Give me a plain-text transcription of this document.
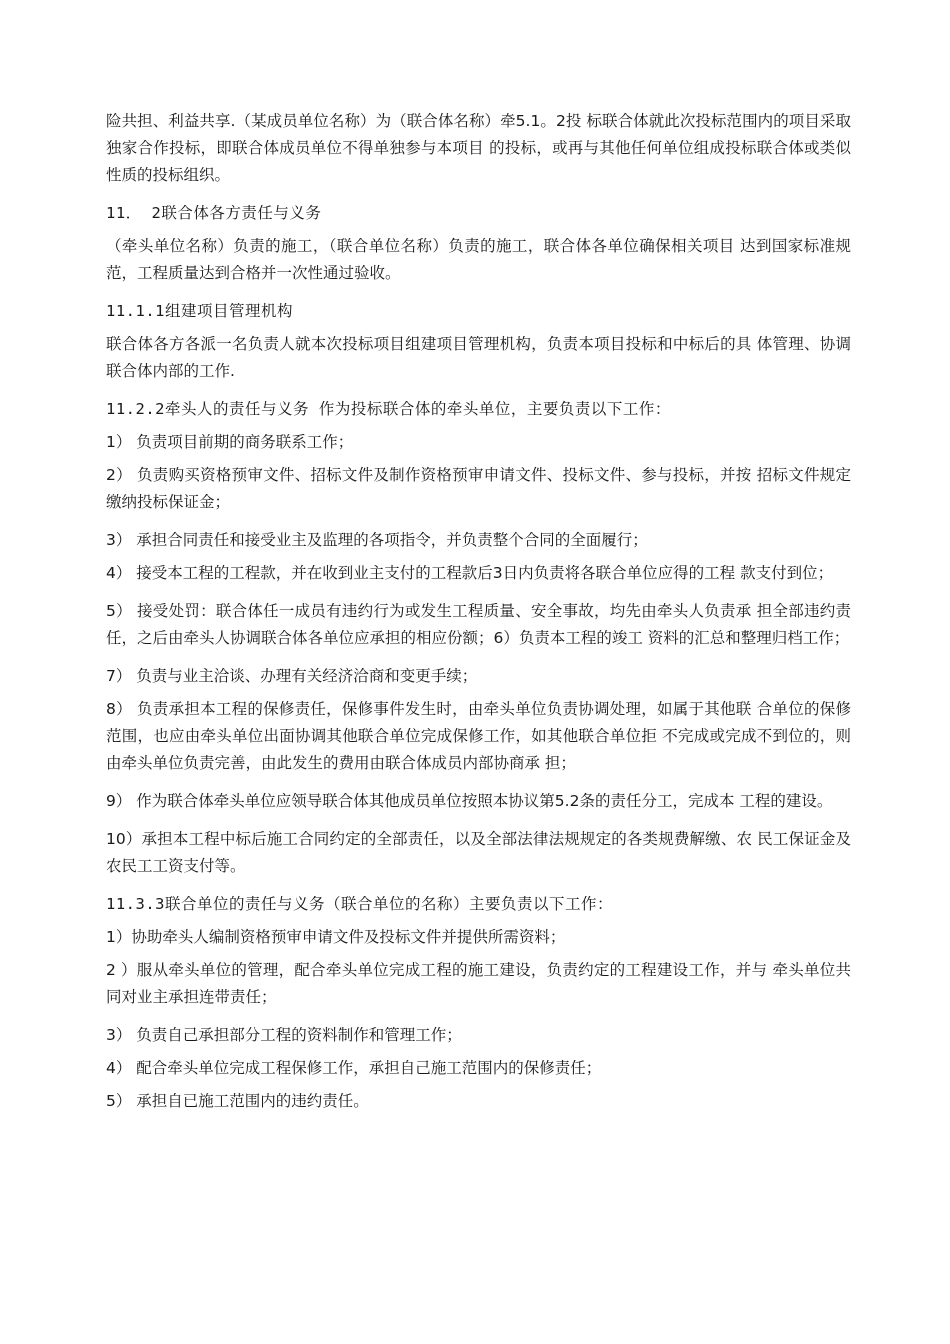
险共担、利益共享.（某成员单位名称）为（联合体名称）牵5.1。2投 标联合体就此次投标范围内的项目采取独家合作投标，即联合体成员单位不得单独参与本项目 的投标，或再与其他任何单位组成投标联合体或类似性质的投标组织。

11． 2联合体各方责任与义务

（牵头单位名称）负责的施工，（联合单位名称）负责的施工，联合体各单位确保相关项目 达到国家标准规范，工程质量达到合格并一次性通过验收。

11.1.1组建项目管理机构

联合体各方各派一名负责人就本次投标项目组建项目管理机构，负责本项目投标和中标后的具 体管理、协调联合体内部的工作.

11.2.2牵头人的责任与义务 作为投标联合体的牵头单位，主要负责以下工作：

1） 负责项目前期的商务联系工作；

2） 负责购买资格预审文件、招标文件及制作资格预审申请文件、投标文件、参与投标，并按 招标文件规定缴纳投标保证金；

3） 承担合同责任和接受业主及监理的各项指令，并负责整个合同的全面履行；

4） 接受本工程的工程款，并在收到业主支付的工程款后3日内负责将各联合单位应得的工程 款支付到位；

5） 接受处罚：联合体任一成员有违约行为或发生工程质量、安全事故，均先由牵头人负责承 担全部违约责任，之后由牵头人协调联合体各单位应承担的相应份额；6）负责本工程的竣工 资料的汇总和整理归档工作；

7） 负责与业主洽谈、办理有关经济洽商和变更手续；

8） 负责承担本工程的保修责任，保修事件发生时，由牵头单位负责协调处理，如属于其他联 合单位的保修范围，也应由牵头单位出面协调其他联合单位完成保修工作，如其他联合单位拒 不完成或完成不到位的，则由牵头单位负责完善，由此发生的费用由联合体成员内部协商承 担；

9） 作为联合体牵头单位应领导联合体其他成员单位按照本协议第5.2条的责任分工，完成本 工程的建设。

10）承担本工程中标后施工合同约定的全部责任，以及全部法律法规规定的各类规费解缴、农 民工保证金及农民工工资支付等。

11.3.3联合单位的责任与义务（联合单位的名称）主要负责以下工作：

1）协助牵头人编制资格预审申请文件及投标文件并提供所需资料；

2 ）服从牵头单位的管理，配合牵头单位完成工程的施工建设，负责约定的工程建设工作，并与 牵头单位共同对业主承担连带责任；

3） 负责自己承担部分工程的资料制作和管理工作；

4） 配合牵头单位完成工程保修工作，承担自己施工范围内的保修责任；

5） 承担自已施工范围内的违约责任。
